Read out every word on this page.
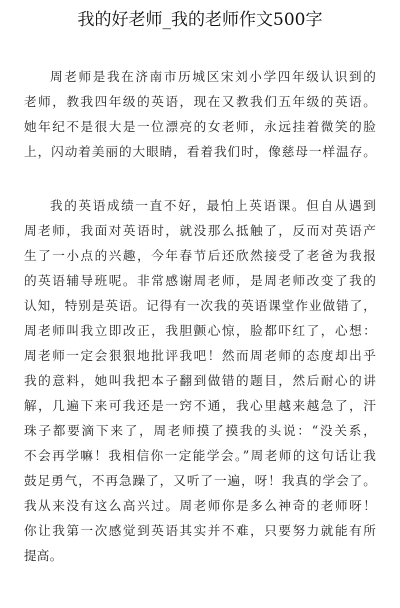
我的好老师_我的老师作文500字
周老师是我在济南市历城区宋刘小学四年级认识到的
老师，教我四年级的英语，现在又教我们五年级的英语。
她年纪不是很大是一位漂亮的女老师，永远挂着微笑的脸
上，闪动着美丽的大眼睛，看着我们时，像慈母一样温存。
我的英语成绩一直不好，最怕上英语课。但自从遇到
周老师，我面对英语时，就没那么抵触了，反而对英语产
生了一小点的兴趣，今年春节后还欣然接受了老爸为我报
的英语辅导班呢。非常感谢周老师，是周老师改变了我的
认知，特别是英语。记得有一次我的英语课堂作业做错了，
周老师叫我立即改正，我胆颤心惊，脸都吓红了，心想：
周老师一定会狠狠地批评我吧！然而周老师的态度却出乎
我的意料，她叫我把本子翻到做错的题目，然后耐心的讲
解，几遍下来可我还是一窍不通，我心里越来越急了，汗
珠子都要滴下来了，周老师摸了摸我的头说：“没关系，
不会再学嘛！我相信你一定能学会。”周老师的这句话让我
鼓足勇气，不再急躁了，又听了一遍，呀！我真的学会了。
我从来没有这么高兴过。周老师你是多么神奇的老师呀！
你让我第一次感觉到英语其实并不难，只要努力就能有所
提高。
